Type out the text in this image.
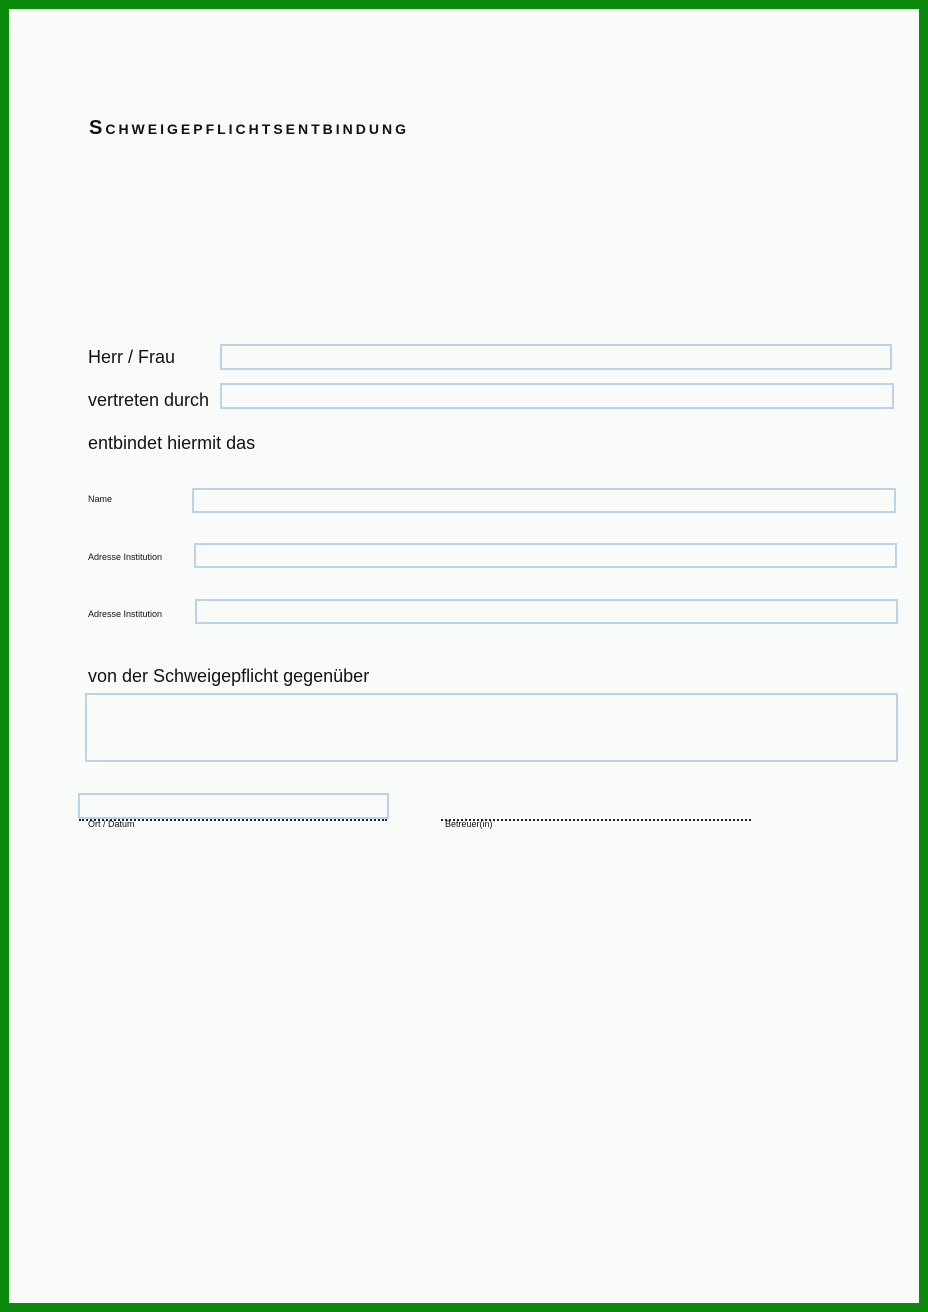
Schweigepflichtsentbindung
Herr / Frau
vertreten durch
entbindet hiermit das
Name
Adresse Institution
Adresse Institution
von der Schweigepflicht gegenüber
Ort / Datum	Betreuer(in)
